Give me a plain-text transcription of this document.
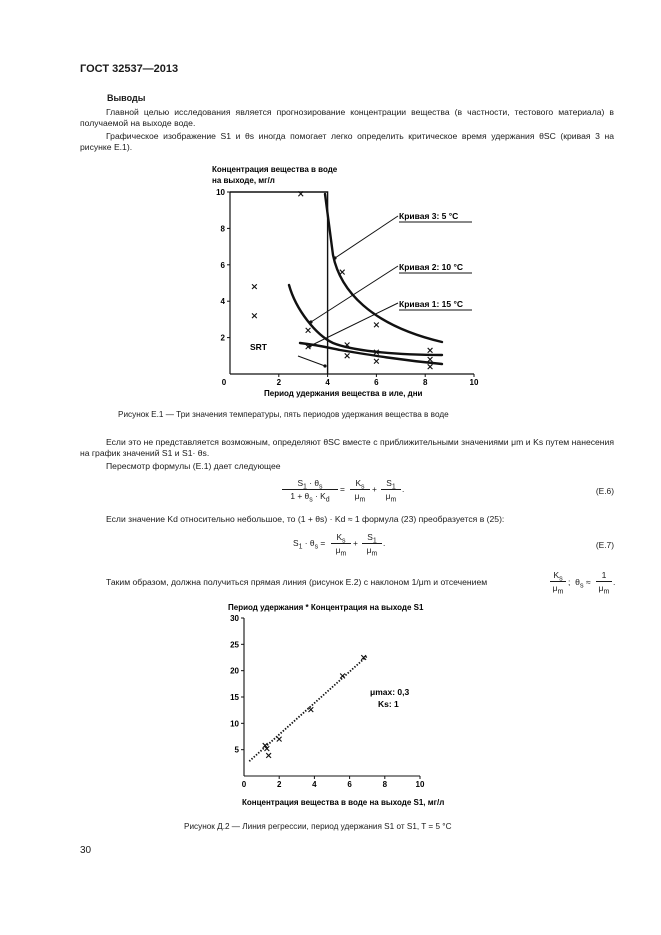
ГОСТ 32537—2013
Выводы
Главной целью исследования является прогнозирование концентрации вещества (в частности, тестового материала) в получаемой на выходе воде.
Графическое изображение S1 и θs иногда помогает легко определить критическое время удержания θSC (кривая 3 на рисунке Е.1).
Концентрация вещества в воде
на выходе, мг/л
0	2	4	6	8	10
2
4
6
8
10
Кривая 3: 5 °C
Кривая 2: 10 °C
Кривая 1: 15 °C
SRT
Период удержания вещества в иле, дни
Рисунок Е.1 — Три значения температуры, пять периодов удержания вещества в воде
Если это не представляется возможным, определяют θSC вместе с приближительными значениями μm и Ks путем нанесения на график значений S1 и S1· θs.
Пересмотр формулы (Е.1) дает следующее
$S_1 \cdot \theta_s$
$1 + \theta_s \cdot K_d$
=
$K_s$
$\mu_m$
+
$S_1$
$\mu_m$
.	(Е.6)
Если значение Kd относительно небольшое, то (1 + θs) · Kd ≈ 1 формула (23) преобразуется в (25):
$S_1 \cdot \theta_s$ =
$K_s$
$\mu_m$
+
$S_1$
$\mu_m$
.	(Е.7)
Таким образом, должна получиться прямая линия (рисунок Е.2) с наклоном 1/μm и отсечением
$K_s$
$\mu_m$
;  $\theta_s$ ≈
1
$\mu_m$
.
Период удержания * Концентрация на выходе S1
0	2	4	6	8	10
5
10
15
20
25
30
μmax: 0,3
Ks: 1
Концентрация вещества в воде на выходе S1, мг/л
Рисунок Д.2 — Линия регрессии, период удержания S1 от S1, T = 5 °C
30
